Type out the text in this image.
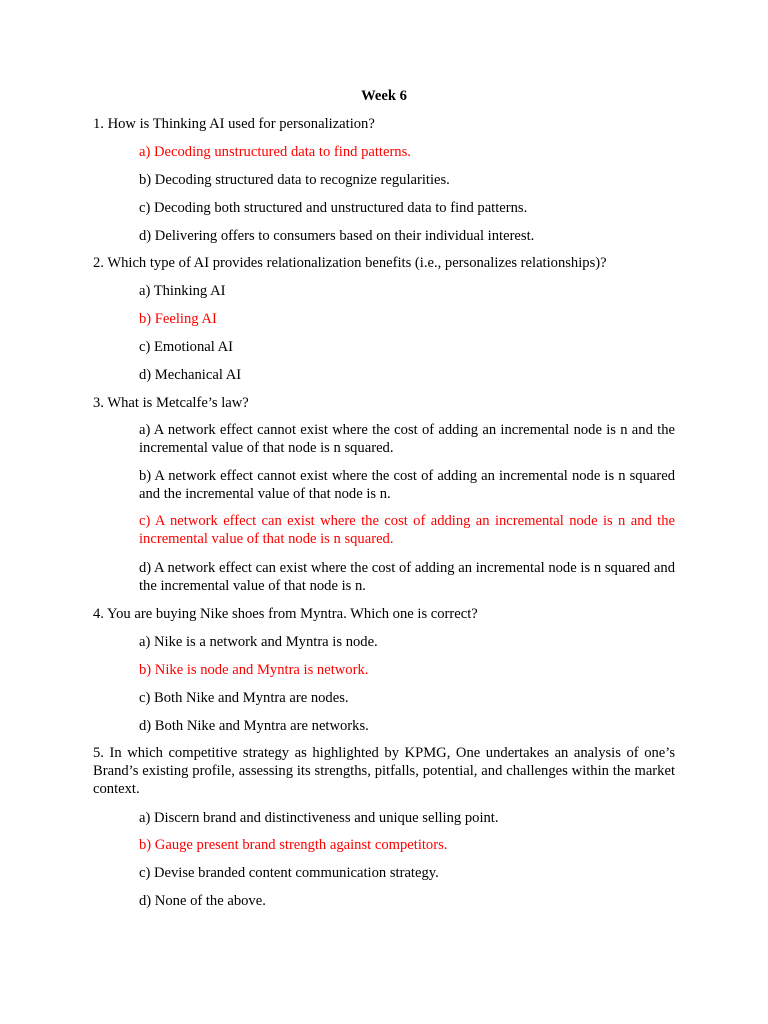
Week 6
1. How is Thinking AI used for personalization?
a) Decoding unstructured data to find patterns.
b) Decoding structured data to recognize regularities.
c) Decoding both structured and unstructured data to find patterns.
d) Delivering offers to consumers based on their individual interest.
2. Which type of AI provides relationalization benefits (i.e., personalizes relationships)?
a) Thinking AI
b) Feeling AI
c) Emotional AI
d) Mechanical AI
3. What is Metcalfe’s law?
a) A network effect cannot exist where the cost of adding an incremental node is n and the incremental value of that node is n squared.
b) A network effect cannot exist where the cost of adding an incremental node is n squared and the incremental value of that node is n.
c) A network effect can exist where the cost of adding an incremental node is n and the incremental value of that node is n squared.
d) A network effect can exist where the cost of adding an incremental node is n squared and the incremental value of that node is n.
4. You are buying Nike shoes from Myntra. Which one is correct?
a) Nike is a network and Myntra is node.
b) Nike is node and Myntra is network.
c) Both Nike and Myntra are nodes.
d) Both Nike and Myntra are networks.
5. In which competitive strategy as highlighted by KPMG, One undertakes an analysis of one’s Brand’s existing profile, assessing its strengths, pitfalls, potential, and challenges within the market context.
a) Discern brand and distinctiveness and unique selling point.
b) Gauge present brand strength against competitors.
c) Devise branded content communication strategy.
d) None of the above.
